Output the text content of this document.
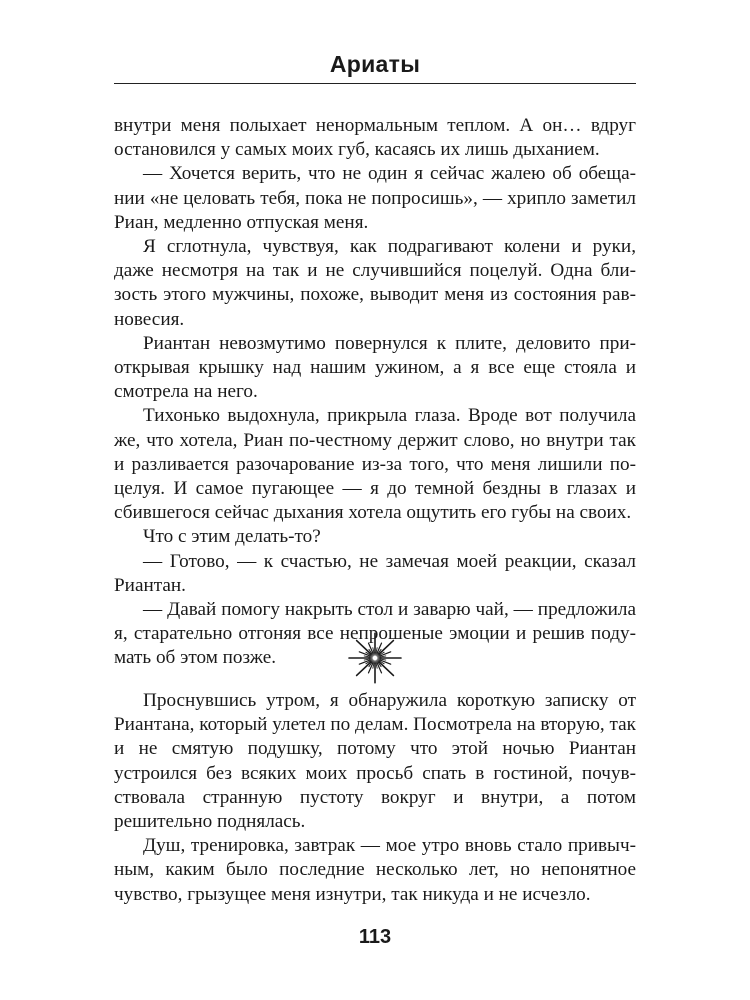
Ариаты

внутри меня полыхает ненормальным теплом. А он… вдруг остановился у самых моих губ, касаясь их лишь дыханием.

— Хочется верить, что не один я сейчас жалею об обещании «не целовать тебя, пока не попросишь», — хрипло заметил Риан, медленно отпуская меня.

Я сглотнула, чувствуя, как подрагивают колени и руки, даже несмотря на так и не случившийся поцелуй. Одна близость этого мужчины, похоже, выводит меня из состояния равновесия.

Риантан невозмутимо повернулся к плите, деловито приоткрывая крышку над нашим ужином, а я все еще стояла и смотрела на него.

Тихонько выдохнула, прикрыла глаза. Вроде вот получила же, что хотела, Риан по-честному держит слово, но внутри так и разливается разочарование из-за того, что меня лишили поцелуя. И самое пугающее — я до темной бездны в глазах и сбившегося сейчас дыхания хотела ощутить его губы на своих.

Что с этим делать-то?

— Готово, — к счастью, не замечая моей реакции, сказал Риантан.

— Давай помогу накрыть стол и заварю чай, — предложила я, старательно отгоняя все непрошеные эмоции и решив подумать об этом позже.

Проснувшись утром, я обнаружила короткую записку от Риантана, который улетел по делам. Посмотрела на вторую, так и не смятую подушку, потому что этой ночью Риантан устроился без всяких моих просьб спать в гостиной, почувствовала странную пустоту вокруг и внутри, а потом решительно поднялась.

Душ, тренировка, завтрак — мое утро вновь стало привычным, каким было последние несколько лет, но непонятное чувство, грызущее меня изнутри, так никуда и не исчезло.

113
